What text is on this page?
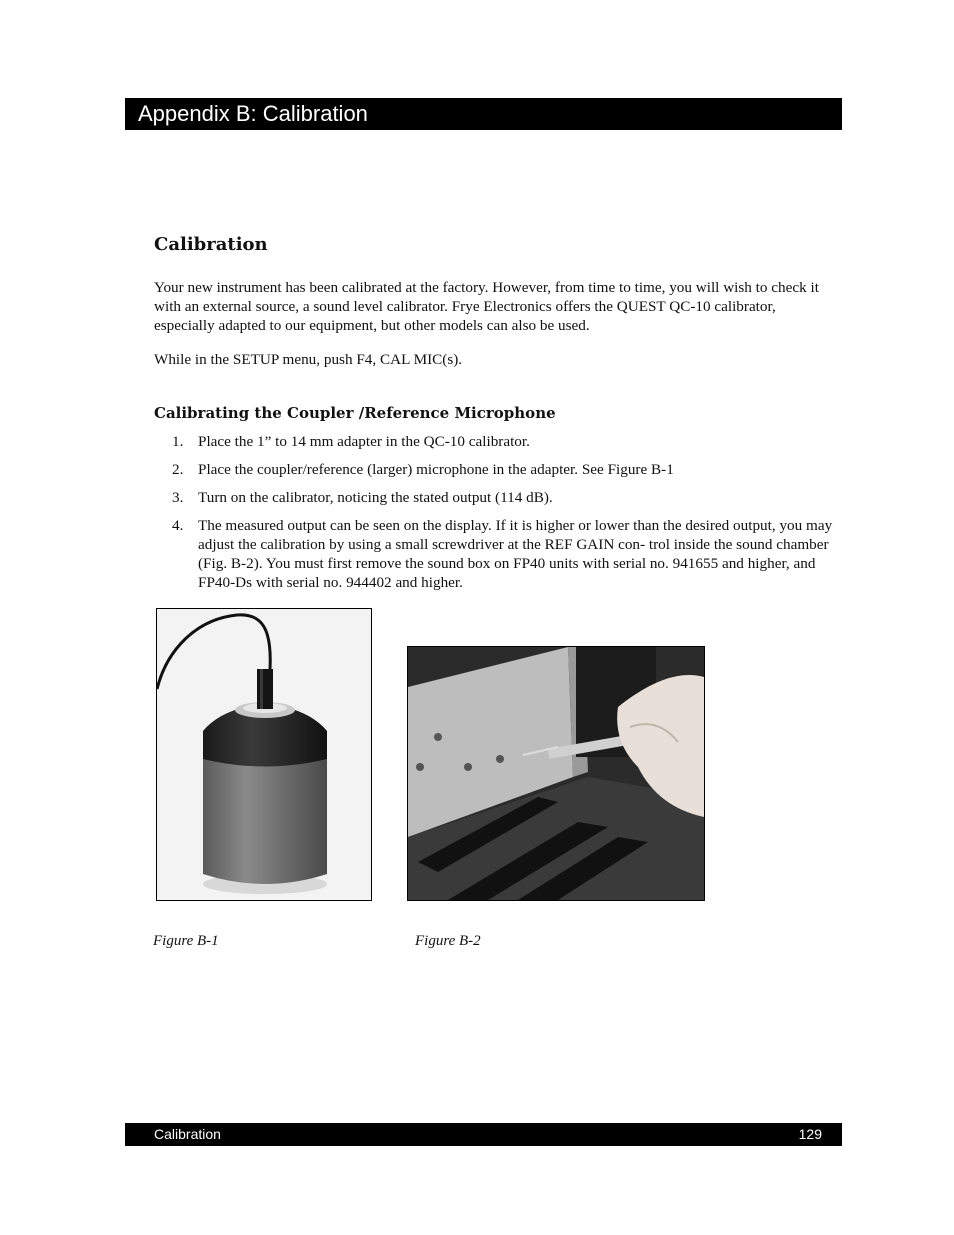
Appendix B: Calibration
Calibration

Your new instrument has been calibrated at the factory. However, from time to time, you will wish to check it with an external source, a sound level calibrator. Frye Electronics offers the QUEST QC-10 calibrator, especially adapted to our equipment, but other models can also be used.

While in the SETUP menu, push F4, CAL MIC(s).

Calibrating the Coupler /Reference Microphone
1. Place the 1” to 14 mm adapter in the QC-10 calibrator.
2. Place the coupler/reference (larger) microphone in the adapter. See Figure B-1
3. Turn on the calibrator, noticing the stated output (114 dB).
4. The measured output can be seen on the display. If it is higher or lower than the desired output, you may adjust the calibration by using a small screwdriver at the REF GAIN con- trol inside the sound chamber (Fig. B-2). You must first remove the sound box on FP40 units with serial no. 941655 and higher, and FP40-Ds with serial no. 944402 and higher.
Figure B-1	Figure B-2
Calibration	129
